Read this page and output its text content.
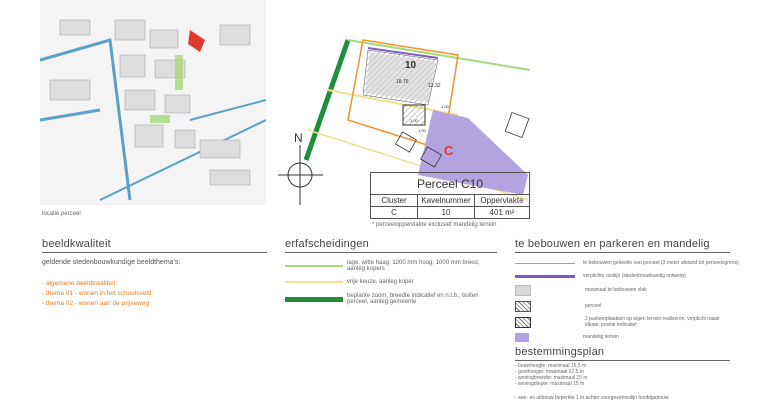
locatie perceel
10
18.76
12.32
1.00
1.00
1.00
C
N
Perceel C10
Cluster	Kavelnummer	Oppervlakte
C	10	401 m²
* perceeloppervlakte exclusief mandelig terrein
beeldkwaliteit
geldende stedenbouwkundige beeldthema's:
- algemene beeldkwaliteit
- thema 01 - wonen in het schoolsveld
- thema 02 - wonen aan de prijseweg
erfafscheidingen
lage, witte haag: 1200 mm hoog, 1000 mm breed, aanleg kopers
vrije keuze, aanleg koper
beplante zoom, breedte indicatief en n.t.b., buiten perceel, aanleg gemeente
te bebouwen en parkeren en mandelig
te bebouwen gedeelte van perceel (3 meter afstand tot perceelsgrens)
verplichte rooilijn (stedenbouwkundig ontwerp)
maximaal te bebouwen vlak
perceel
2 parkeerplaatsen op eigen terrein realiseren, verplicht naast elkaar, positie indicatief
mandelig terrein
bestemmingsplan
- bouwhoogte: maximaal 15,5 m
- goothoogte: maximaal 12,5 m
- woningbreedte: maximaal 15 m
- woningdiepte: maximaal 15 m
- aan- en uitbouw beperkte 1 m achter voorgevelrooilijn hoofdgebouw
